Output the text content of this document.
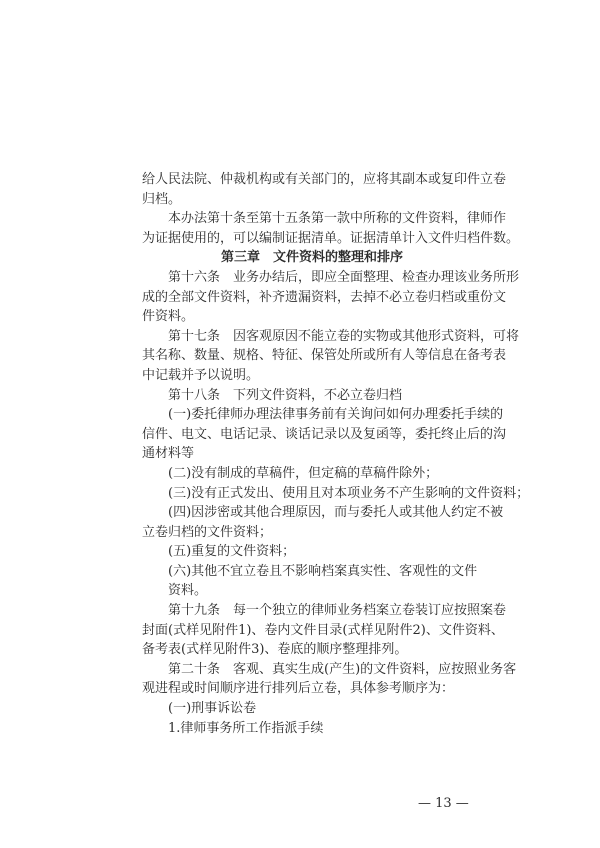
给人民法院、仲裁机构或有关部门的，应将其副本或复印件立卷
归档。
本办法第十条至第十五条第一款中所称的文件资料，律师作
为证据使用的，可以编制证据清单。证据清单计入文件归档件数。
第三章　文件资料的整理和排序
第十六条　业务办结后，即应全面整理、检查办理该业务所形
成的全部文件资料，补齐遗漏资料，去掉不必立卷归档或重份文
件资料。
第十七条　因客观原因不能立卷的实物或其他形式资料，可将
其名称、数量、规格、特征、保管处所或所有人等信息在备考表
中记载并予以说明。
第十八条　下列文件资料，不必立卷归档
(一)委托律师办理法律事务前有关询问如何办理委托手续的
信件、电文、电话记录、谈话记录以及复函等，委托终止后的沟
通材料等
(二)没有制成的草稿件，但定稿的草稿件除外；
(三)没有正式发出、使用且对本项业务不产生影响的文件资料；
(四)因涉密或其他合理原因，而与委托人或其他人约定不被
立卷归档的文件资料；
(五)重复的文件资料；
(六)其他不宜立卷且不影响档案真实性、客观性的文件
资料。
第十九条　每一个独立的律师业务档案立卷装订应按照案卷
封面(式样见附件1)、卷内文件目录(式样见附件2)、文件资料、
备考表(式样见附件3)、卷底的顺序整理排列。
第二十条　客观、真实生成(产生)的文件资料，应按照业务客
观进程或时间顺序进行排列后立卷，具体参考顺序为：
(一)刑事诉讼卷
1.律师事务所工作指派手续
— 13 —
